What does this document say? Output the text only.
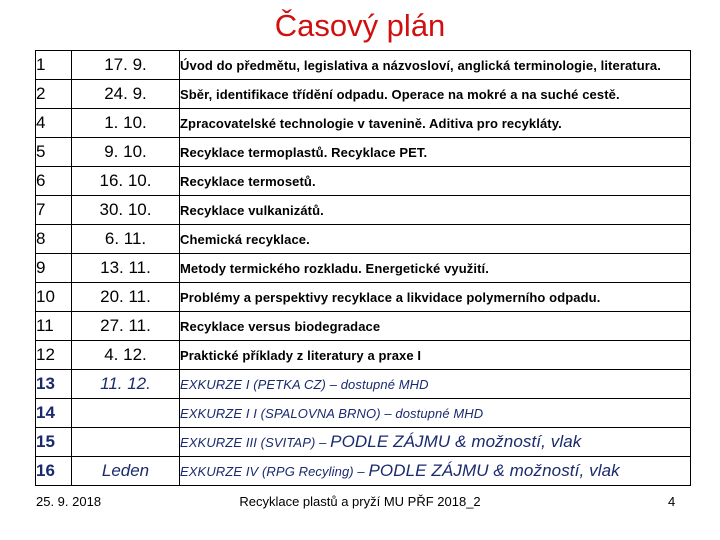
Časový plán
1	17. 9.	Úvod do předmětu, legislativa a názvosloví, anglická terminologie, literatura.
2	24. 9.	Sběr, identifikace třídění odpadu. Operace na mokré a na suché cestě.
4	1. 10.	Zpracovatelské technologie v tavenině. Aditiva pro recykláty.
5	9. 10.	Recyklace termoplastů. Recyklace PET.
6	16. 10.	Recyklace termosetů.
7	30. 10.	Recyklace vulkanizátů.
8	6. 11.	Chemická recyklace.
9	13. 11.	Metody termického rozkladu. Energetické využití.
10	20. 11.	Problémy a perspektivy recyklace a likvidace polymerního odpadu.
11	27. 11.	Recyklace versus biodegradace
12	4. 12.	Praktické příklady z literatury a praxe I
13	11. 12.	EXKURZE I (PETKA CZ) – dostupné MHD
14		EXKURZE I I (SPALOVNA BRNO) – dostupné MHD
15		EXKURZE III (SVITAP) – PODLE ZÁJMU & možností, vlak
16	Leden	EXKURZE IV (RPG Recyling) – PODLE ZÁJMU & možností, vlak
25. 9. 2018	Recyklace plastů a pryží MU PŘF 2018_2	4
